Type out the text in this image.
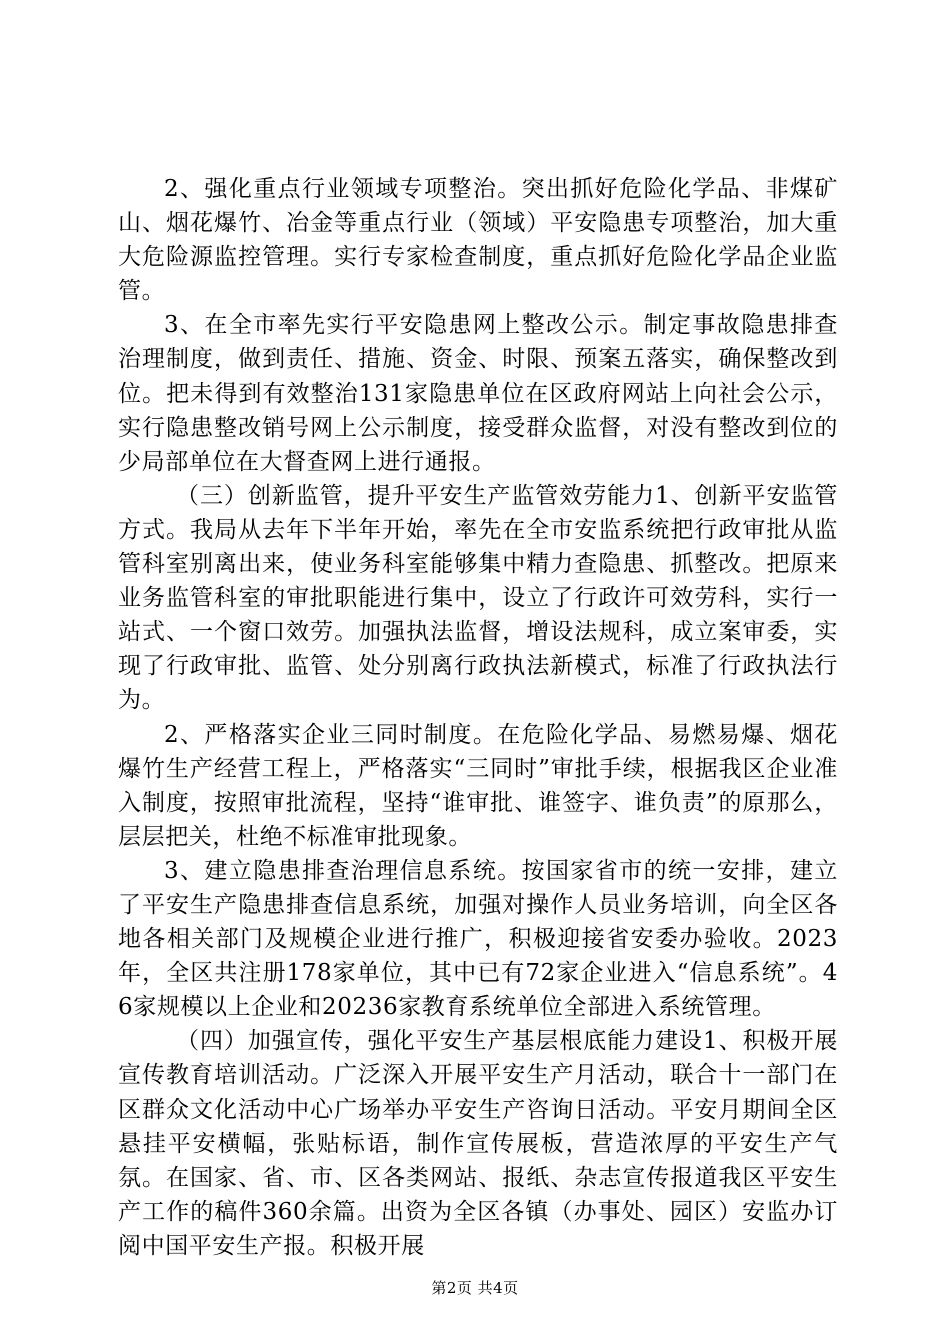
2、强化重点行业领域专项整治。突出抓好危险化学品、非煤矿山、烟花爆竹、冶金等重点行业（领域）平安隐患专项整治，加大重大危险源监控管理。实行专家检查制度，重点抓好危险化学品企业监管。

3、在全市率先实行平安隐患网上整改公示。制定事故隐患排查治理制度，做到责任、措施、资金、时限、预案五落实，确保整改到位。把未得到有效整治131家隐患单位在区政府网站上向社会公示，实行隐患整改销号网上公示制度，接受群众监督，对没有整改到位的少局部单位在大督查网上进行通报。

（三）创新监管，提升平安生产监管效劳能力1、创新平安监管方式。我局从去年下半年开始，率先在全市安监系统把行政审批从监管科室别离出来，使业务科室能够集中精力查隐患、抓整改。把原来业务监管科室的审批职能进行集中，设立了行政许可效劳科，实行一站式、一个窗口效劳。加强执法监督，增设法规科，成立案审委，实现了行政审批、监管、处分别离行政执法新模式，标准了行政执法行为。

2、严格落实企业三同时制度。在危险化学品、易燃易爆、烟花爆竹生产经营工程上，严格落实“三同时”审批手续，根据我区企业准入制度，按照审批流程，坚持“谁审批、谁签字、谁负责”的原那么，层层把关，杜绝不标准审批现象。

3、建立隐患排查治理信息系统。按国家省市的统一安排，建立了平安生产隐患排查信息系统，加强对操作人员业务培训，向全区各地各相关部门及规模企业进行推广，积极迎接省安委办验收。2023年，全区共注册178家单位，其中已有72家企业进入“信息系统”。46家规模以上企业和20236家教育系统单位全部进入系统管理。

（四）加强宣传，强化平安生产基层根底能力建设1、积极开展宣传教育培训活动。广泛深入开展平安生产月活动，联合十一部门在区群众文化活动中心广场举办平安生产咨询日活动。平安月期间全区悬挂平安横幅，张贴标语，制作宣传展板，营造浓厚的平安生产气氛。在国家、省、市、区各类网站、报纸、杂志宣传报道我区平安生产工作的稿件360余篇。出资为全区各镇（办事处、园区）安监办订阅中国平安生产报。积极开展

第2页 共4页
